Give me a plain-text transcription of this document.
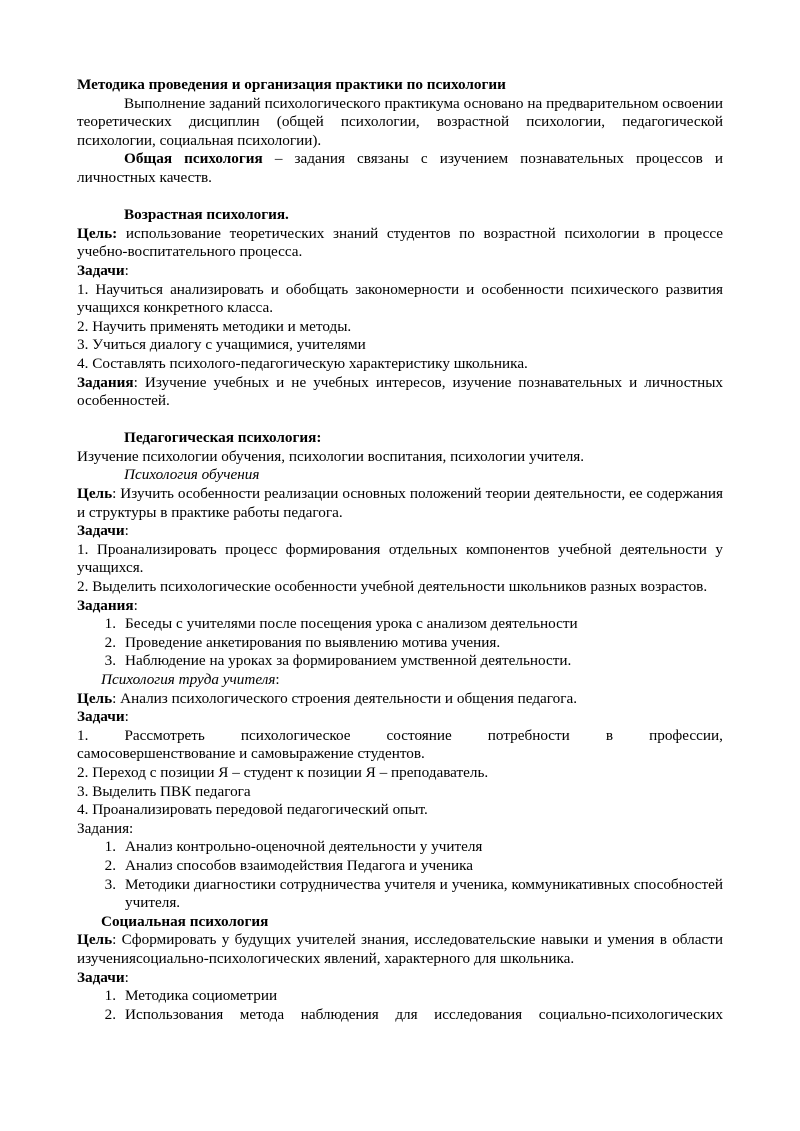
Методика проведения и организация практики по психологии

Выполнение заданий психологического практикума основано на предварительном освоении теоретических дисциплин (общей психологии, возрастной психологии, педагогической психологии, социальная психологии).

Общая психология – задания связаны с изучением познавательных процессов и личностных качеств.

Возрастная психология.

Цель: использование теоретических знаний студентов по возрастной психологии в процессе учебно-воспитательного процесса.

Задачи:

1. Научиться анализировать и обобщать закономерности и особенности психического развития учащихся конкретного класса.

2. Научить применять методики и методы.

3. Учиться диалогу с учащимися, учителями

4. Составлять психолого-педагогическую характеристику школьника.

Задания: Изучение учебных и не учебных интересов, изучение познавательных и личностных особенностей.

Педагогическая психология:

Изучение психологии обучения, психологии воспитания, психологии учителя.

Психология обучения

Цель: Изучить особенности реализации основных положений теории деятельности, ее содержания и структуры в практике работы педагога.

Задачи:

1. Проанализировать процесс формирования отдельных компонентов учебной деятельности у учащихся.

2. Выделить психологические особенности учебной деятельности школьников разных возрастов.

Задания:

1. Беседы с учителями после посещения урока с анализом деятельности
2. Проведение анкетирования по выявлению мотива учения.
3. Наблюдение на уроках за формированием умственной деятельности.

Психология труда учителя:

Цель: Анализ психологического строения деятельности и общения педагога.

Задачи:

1. Рассмотреть психологическое состояние потребности в профессии,

самосовершенствование и самовыражение студентов.

2. Переход с позиции Я – студент к позиции Я – преподаватель.

3. Выделить ПВК педагога

4. Проанализировать передовой педагогический опыт.

Задания:

1. Анализ контрольно-оценочной деятельности у учителя
2. Анализ способов взаимодействия Педагога и ученика
3. Методики диагностики сотрудничества учителя и ученика, коммуникативных способностей учителя.

Социальная психология

Цель: Сформировать у будущих учителей знания, исследовательские навыки и умения в области изучениясоциально-психологических явлений, характерного для школьника.

Задачи:

1. Методика социометрии
2. Использования метода наблюдения для исследования социально-психологических
